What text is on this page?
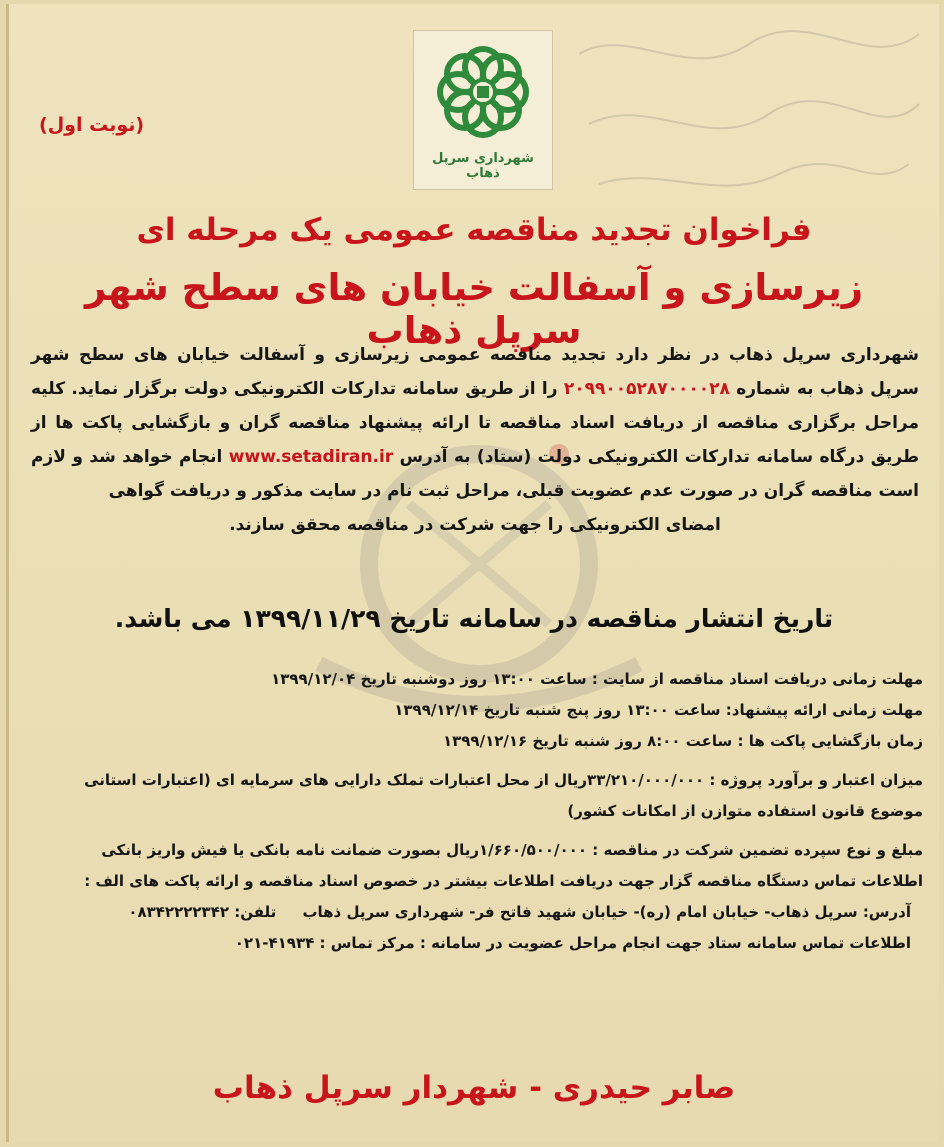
(نوبت اول)
شهرداری سرپل ذهاب
فراخوان تجدید مناقصه عمومی یک مرحله ای
زیرسازی و آسفالت خیابان های سطح شهر سرپل ذهاب

شهرداری سرپل ذهاب در نظر دارد تجدید مناقصه عمومی زیرسازی و آسفالت خیابان های سطح شهر سرپل ذهاب به شماره ۲۰۹۹۰۰۵۲۸۷۰۰۰۰۲۸ را از طریق سامانه تدارکات الکترونیکی دولت برگزار نماید. کلیه مراحل برگزاری مناقصه از دریافت اسناد مناقصه تا ارائه پیشنهاد مناقصه گران و بازگشایی پاکت ها از طریق درگاه سامانه تدارکات الکترونیکی دولت (ستاد) به آدرس www.setadiran.ir انجام خواهد شد و لازم است مناقصه گران در صورت عدم عضویت قبلی، مراحل ثبت نام در سایت مذکور و دریافت گواهی

امضای الکترونیکی را جهت شرکت در مناقصه محقق سازند.

تاریخ انتشار مناقصه در سامانه تاریخ ۱۳۹۹/۱۱/۲۹ می باشد.

مهلت زمانی دریافت اسناد مناقصه از سایت : ساعت ۱۳:۰۰ روز دوشنبه تاریخ ۱۳۹۹/۱۲/۰۴

مهلت زمانی ارائه پیشنهاد: ساعت ۱۳:۰۰ روز پنج شنبه تاریخ ۱۳۹۹/۱۲/۱۴

زمان بازگشایی پاکت ها : ساعت ۸:۰۰ روز شنبه تاریخ ۱۳۹۹/۱۲/۱۶

میزان اعتبار و برآورد پروژه : ۳۳/۲۱۰/۰۰۰/۰۰۰ریال از محل اعتبارات تملک دارایی های سرمایه ای (اعتبارات استانی

موضوع قانون استفاده متوازن از امکانات کشور)

مبلغ و نوع سپرده تضمین شرکت در مناقصه : ۱/۶۶۰/۵۰۰/۰۰۰ریال بصورت ضمانت نامه بانکی یا فیش واریز بانکی

اطلاعات تماس دستگاه مناقصه گزار جهت دریافت اطلاعات بیشتر در خصوص اسناد مناقصه و ارائه پاکت های الف :

آدرس: سرپل ذهاب- خیابان امام (ره)- خیابان شهید فاتح فر- شهرداری سرپل ذهاب     تلفن: ۰۸۳۴۲۲۲۲۳۴۲

اطلاعات تماس سامانه ستاد جهت انجام مراحل عضویت در سامانه : مرکز تماس : ۴۱۹۳۴-۰۲۱

صابر حیدری - شهردار سرپل ذهاب
